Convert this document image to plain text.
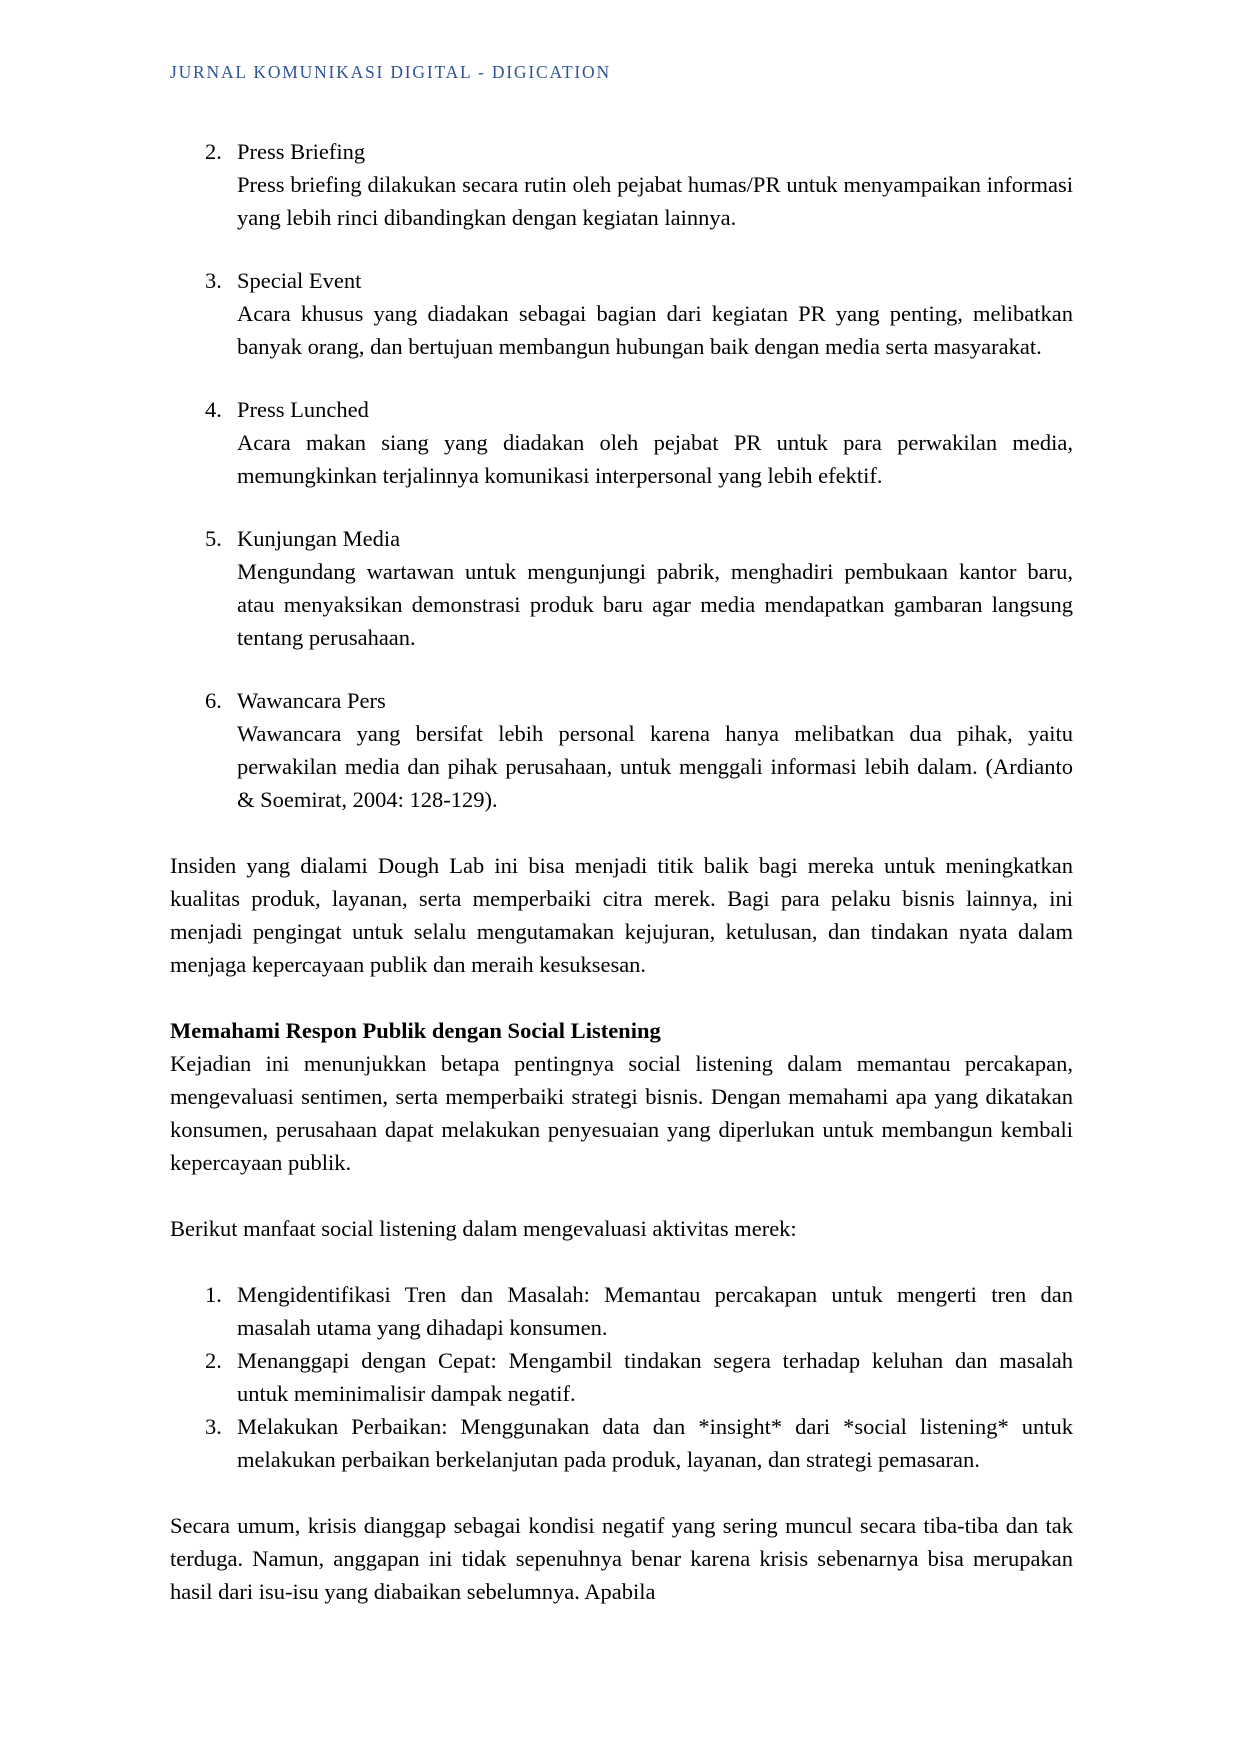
JURNAL KOMUNIKASI DIGITAL - DIGICATION
2. Press Briefing
Press briefing dilakukan secara rutin oleh pejabat humas/PR untuk menyampaikan informasi yang lebih rinci dibandingkan dengan kegiatan lainnya.
3. Special Event
Acara khusus yang diadakan sebagai bagian dari kegiatan PR yang penting, melibatkan banyak orang, dan bertujuan membangun hubungan baik dengan media serta masyarakat.
4. Press Lunched
Acara makan siang yang diadakan oleh pejabat PR untuk para perwakilan media, memungkinkan terjalinnya komunikasi interpersonal yang lebih efektif.
5. Kunjungan Media
Mengundang wartawan untuk mengunjungi pabrik, menghadiri pembukaan kantor baru, atau menyaksikan demonstrasi produk baru agar media mendapatkan gambaran langsung tentang perusahaan.
6. Wawancara Pers
Wawancara yang bersifat lebih personal karena hanya melibatkan dua pihak, yaitu perwakilan media dan pihak perusahaan, untuk menggali informasi lebih dalam. (Ardianto & Soemirat, 2004: 128-129).
Insiden yang dialami Dough Lab ini bisa menjadi titik balik bagi mereka untuk meningkatkan kualitas produk, layanan, serta memperbaiki citra merek. Bagi para pelaku bisnis lainnya, ini menjadi pengingat untuk selalu mengutamakan kejujuran, ketulusan, dan tindakan nyata dalam menjaga kepercayaan publik dan meraih kesuksesan.
Memahami Respon Publik dengan Social Listening
Kejadian ini menunjukkan betapa pentingnya social listening dalam memantau percakapan, mengevaluasi sentimen, serta memperbaiki strategi bisnis. Dengan memahami apa yang dikatakan konsumen, perusahaan dapat melakukan penyesuaian yang diperlukan untuk membangun kembali kepercayaan publik.
Berikut manfaat social listening dalam mengevaluasi aktivitas merek:
1. Mengidentifikasi Tren dan Masalah: Memantau percakapan untuk mengerti tren dan masalah utama yang dihadapi konsumen.
2. Menanggapi dengan Cepat: Mengambil tindakan segera terhadap keluhan dan masalah untuk meminimalisir dampak negatif.
3. Melakukan Perbaikan: Menggunakan data dan *insight* dari *social listening* untuk melakukan perbaikan berkelanjutan pada produk, layanan, dan strategi pemasaran.
Secara umum, krisis dianggap sebagai kondisi negatif yang sering muncul secara tiba-tiba dan tak terduga. Namun, anggapan ini tidak sepenuhnya benar karena krisis sebenarnya bisa merupakan hasil dari isu-isu yang diabaikan sebelumnya. Apabila
